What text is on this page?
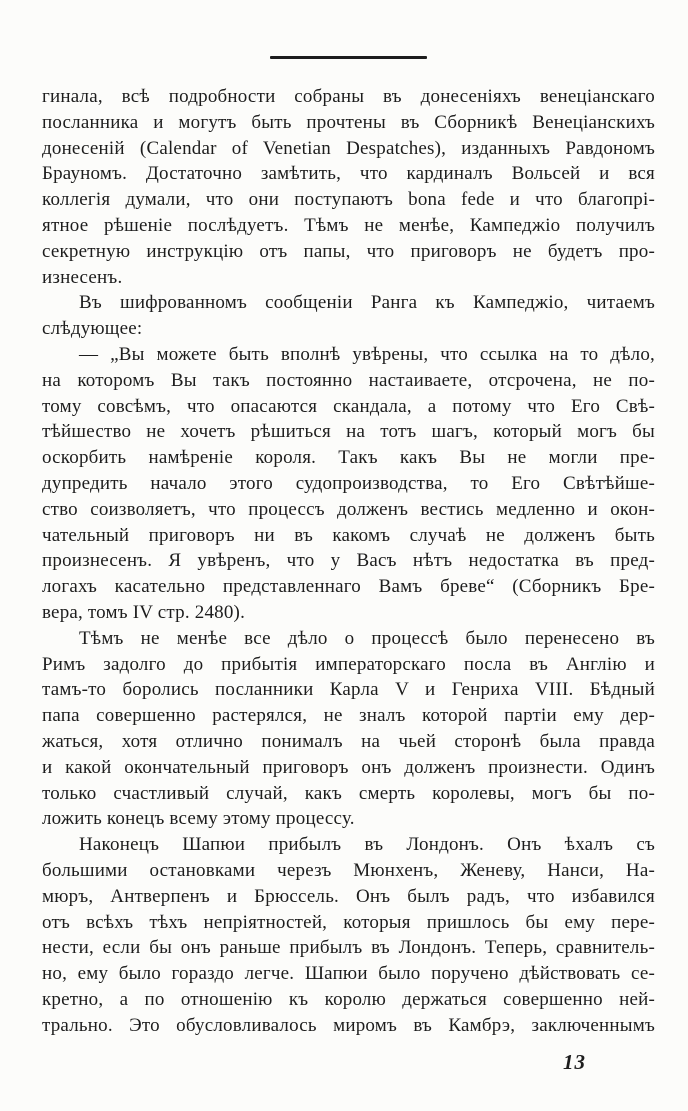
гинала, всѣ подробности собраны въ донесеніяхъ венеціанскаго
посланника и могутъ быть прочтены въ Сборникѣ Венеціанскихъ
донесеній (Calendar of Venetian Despatches), изданныхъ Равдономъ
Брауномъ. Достаточно замѣтить, что кардиналъ Вольсей и вся
коллегія думали, что они поступаютъ bona fede и что благопрі-
ятное рѣшеніе послѣдуетъ. Тѣмъ не менѣе, Кампеджіо получилъ
секретную инструкцію отъ папы, что приговоръ не будетъ про-
изнесенъ.
Въ шифрованномъ сообщеніи Ранга къ Кампеджіо, читаемъ
слѣдующее:
— „Вы можете быть вполнѣ увѣрены, что ссылка на то дѣло,
на которомъ Вы такъ постоянно настаиваете, отсрочена, не по-
тому совсѣмъ, что опасаются скандала, а потому что Его Свѣ-
тѣйшество не хочетъ рѣшиться на тотъ шагъ, который могъ бы
оскорбить намѣреніе короля. Такъ какъ Вы не могли пре-
дупредить начало этого судопроизводства, то Его Свѣтѣйше-
ство соизволяетъ, что процессъ долженъ вестись медленно и окон-
чательный приговоръ ни въ какомъ случаѣ не долженъ быть
произнесенъ. Я увѣренъ, что у Васъ нѣтъ недостатка въ пред-
логахъ касательно представленнаго Вамъ бреве“ (Сборникъ Бре-
вера, томъ IV стр. 2480).
Тѣмъ не менѣе все дѣло о процессѣ было перенесено въ
Римъ задолго до прибытія императорскаго посла въ Англію и
тамъ-то боролись посланники Карла V и Генриха VIII. Бѣдный
папа совершенно растерялся, не зналъ которой партіи ему дер-
жаться, хотя отлично понималъ на чьей сторонѣ была правда
и какой окончательный приговоръ онъ долженъ произнести. Одинъ
только счастливый случай, какъ смерть королевы, могъ бы по-
ложить конецъ всему этому процессу.
Наконецъ Шапюи прибылъ въ Лондонъ. Онъ ѣхалъ съ
большими остановками черезъ Мюнхенъ, Женеву, Нанси, На-
мюръ, Антверпенъ и Брюссель. Онъ былъ радъ, что избавился
отъ всѣхъ тѣхъ непріятностей, которыя пришлось бы ему пере-
нести, если бы онъ раньше прибылъ въ Лондонъ. Теперь, сравнитель-
но, ему было гораздо легче. Шапюи было поручено дѣйствовать се-
кретно, а по отношенію къ королю держаться совершенно ней-
трально. Это обусловливалось миромъ въ Камбрэ, заключеннымъ
13
